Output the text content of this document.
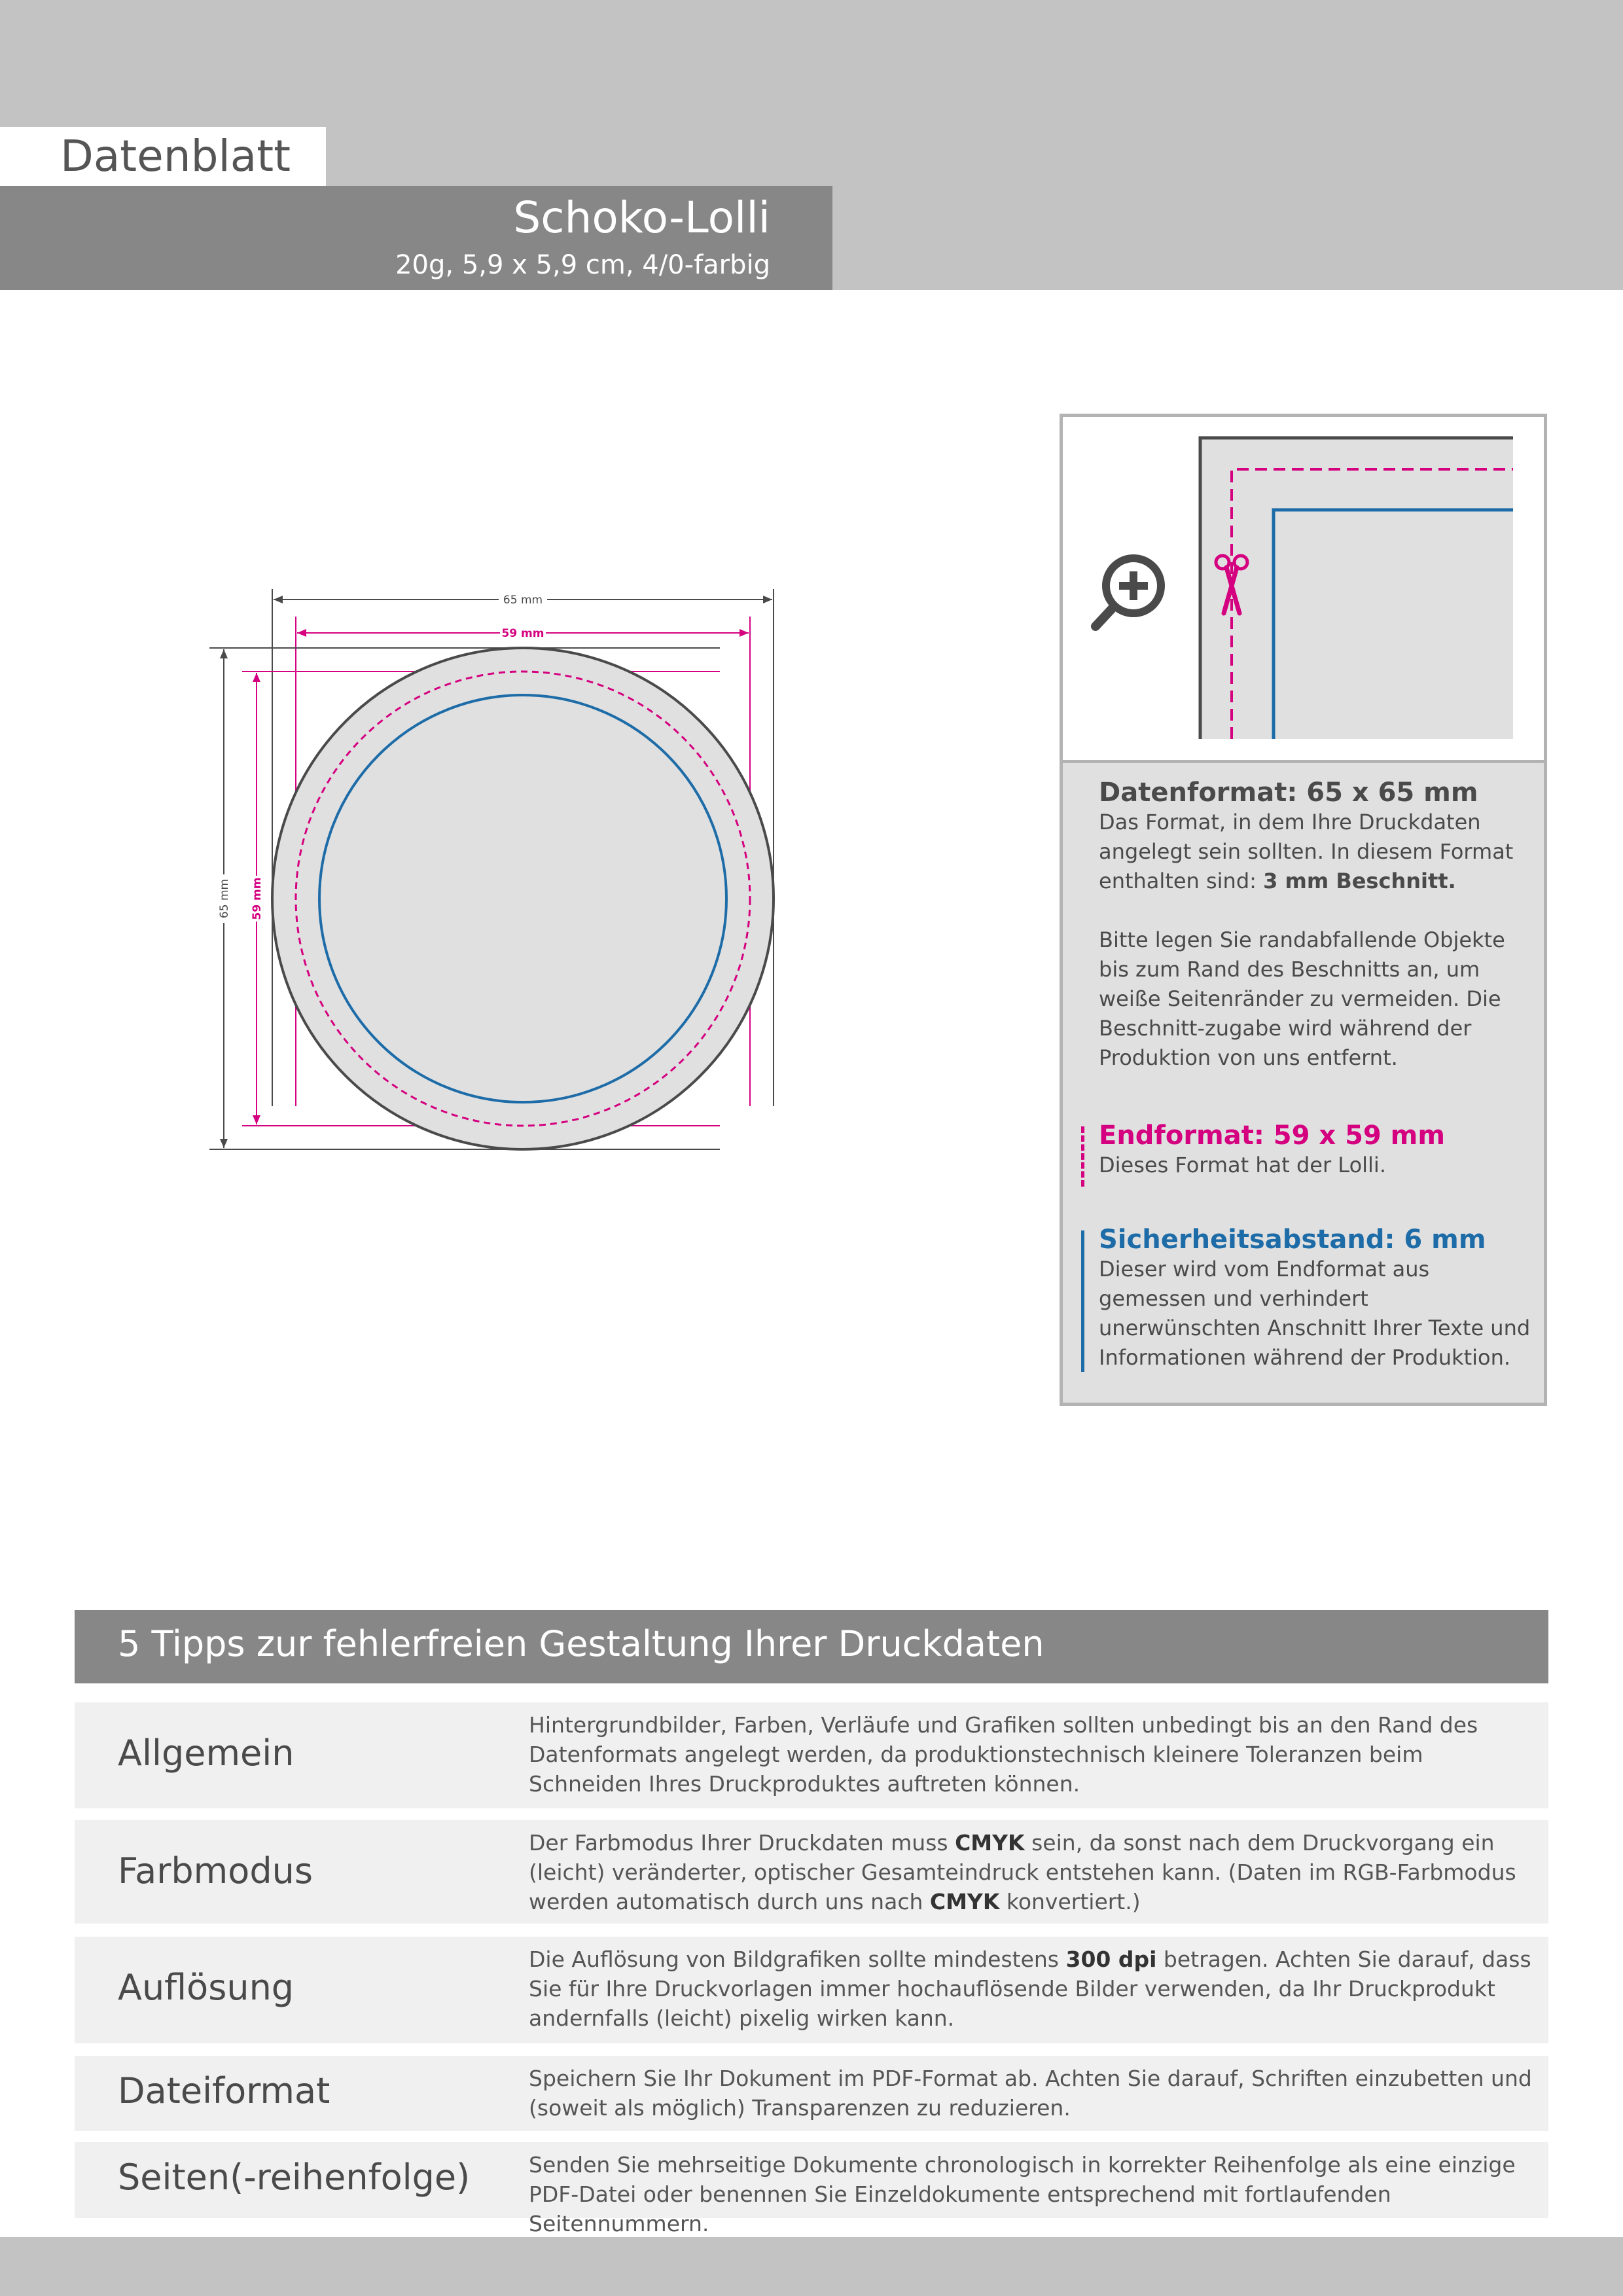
Datenblatt
Schoko-Lolli
20g, 5,9 x 5,9 cm, 4/0-farbig
65 mm
59 mm
65 mm 59 mm
Datenformat: 65 x 65 mm
Das Format, in dem Ihre Druckdaten angelegt sein sollten. In diesem Format enthalten sind: 3 mm Beschnitt.
Bitte legen Sie randabfallende Objekte bis zum Rand des Beschnitts an, um weiße Seitenränder zu vermeiden. Die Beschnitt-zugabe wird während der Produktion von uns entfernt.
Endformat: 59 x 59 mm
Dieses Format hat der Lolli.
Sicherheitsabstand: 6 mm
Dieser wird vom Endformat aus gemessen und verhindert unerwünschten Anschnitt Ihrer Texte und Informationen während der Produktion.
5 Tipps zur fehlerfreien Gestaltung Ihrer Druckdaten
Allgemein
Hintergrundbilder, Farben, Verläufe und Grafiken sollten unbedingt bis an den Rand des Datenformats angelegt werden, da produktionstechnisch kleinere Toleranzen beim Schneiden Ihres Druckproduktes auftreten können.
Farbmodus
Der Farbmodus Ihrer Druckdaten muss CMYK sein, da sonst nach dem Druckvorgang ein (leicht) veränderter, optischer Gesamteindruck entstehen kann. (Daten im RGB-Farbmodus werden automatisch durch uns nach CMYK konvertiert.)
Auflösung
Die Auflösung von Bildgrafiken sollte mindestens 300 dpi betragen. Achten Sie darauf, dass Sie für Ihre Druckvorlagen immer hochauflösende Bilder verwenden, da Ihr Druckprodukt andernfalls (leicht) pixelig wirken kann.
Dateiformat	Speichern Sie Ihr Dokument im PDF-Format ab. Achten Sie darauf, Schriften einzubetten und (soweit als möglich) Transparenzen zu reduzieren.
Seiten(-reihenfolge)	Senden Sie mehrseitige Dokumente chronologisch in korrekter Reihenfolge als eine einzige PDF-Datei oder benennen Sie Einzeldokumente entsprechend mit fortlaufenden Seitennummern.
